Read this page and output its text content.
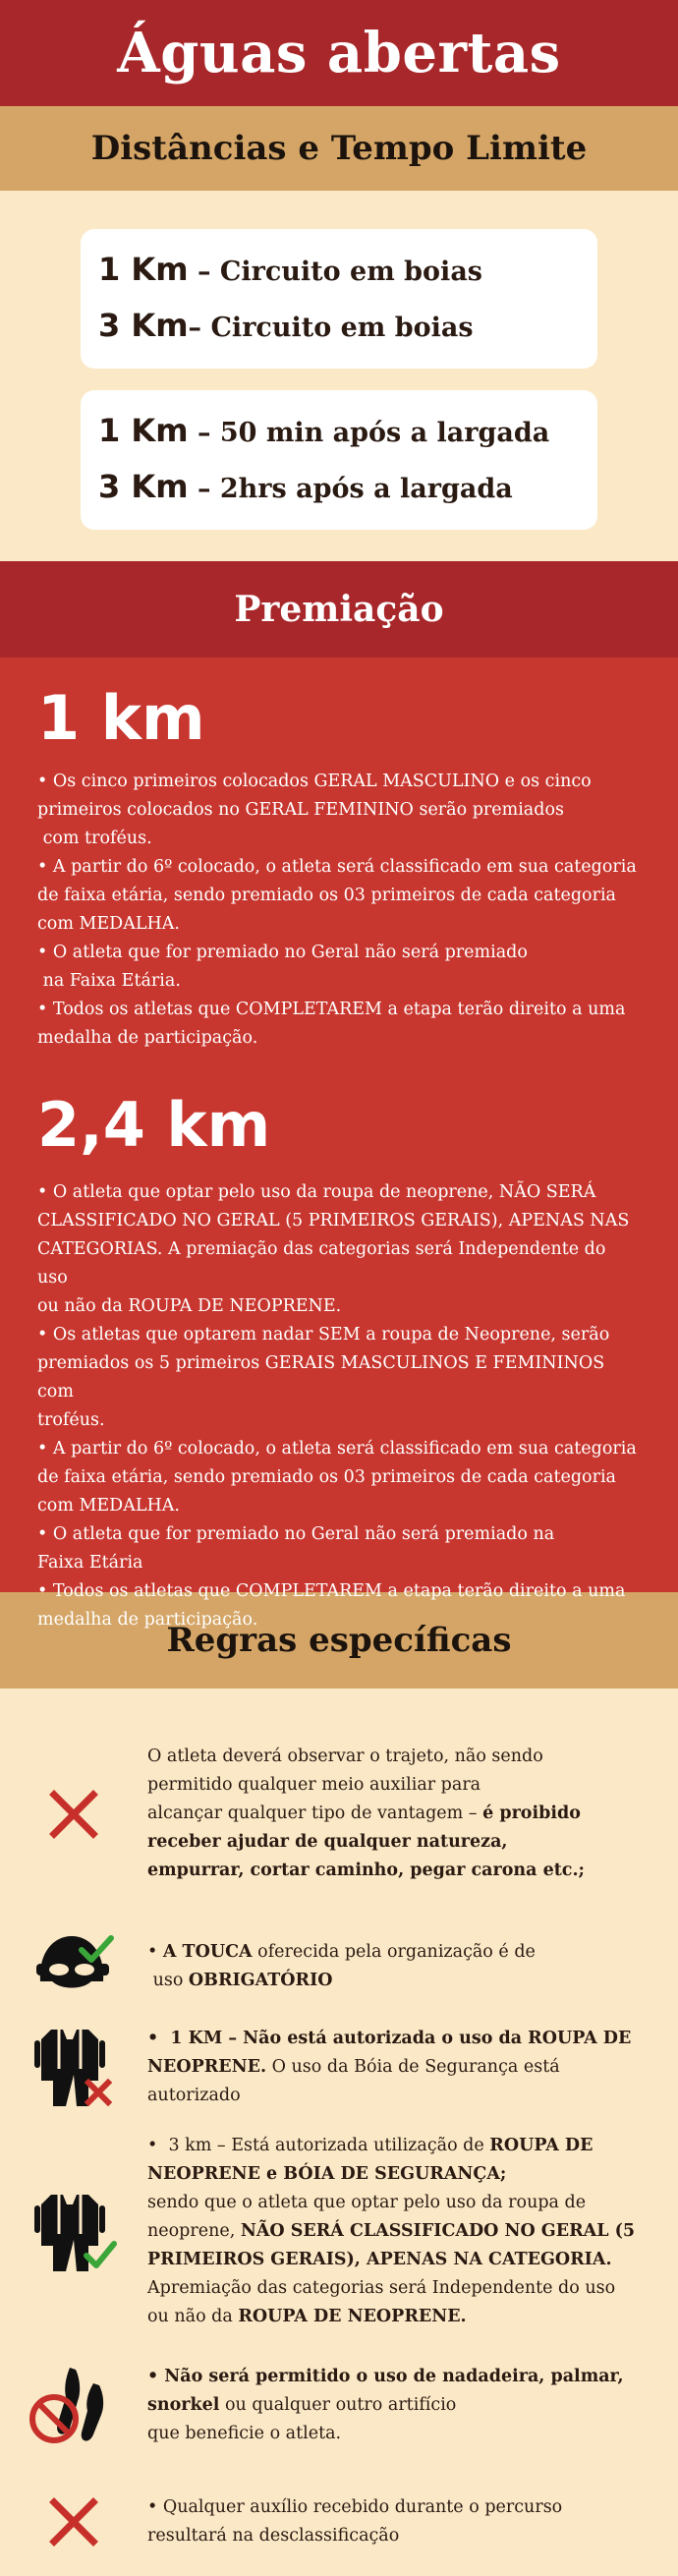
Águas abertas
Distâncias e Tempo Limite
1 Km – Circuito em boias
3 Km– Circuito em boias
1 Km – 50 min após a largada
3 Km – 2hrs após a largada
Premiação
1 km
• Os cinco primeiros colocados GERAL MASCULINO e os cinco
primeiros colocados no GERAL FEMININO serão premiados
com troféus.
• A partir do 6º colocado, o atleta será classificado em sua categoria
de faixa etária, sendo premiado os 03 primeiros de cada categoria
com MEDALHA.
• O atleta que for premiado no Geral não será premiado
na Faixa Etária.
• Todos os atletas que COMPLETAREM a etapa terão direito a uma
medalha de participação.
2,4 km
• O atleta que optar pelo uso da roupa de neoprene, NÃO SERÁ
CLASSIFICADO NO GERAL (5 PRIMEIROS GERAIS), APENAS NAS
CATEGORIAS. A premiação das categorias será Independente do uso
ou não da ROUPA DE NEOPRENE.
• Os atletas que optarem nadar SEM a roupa de Neoprene, serão
premiados os 5 primeiros GERAIS MASCULINOS E FEMININOS com
troféus.
• A partir do 6º colocado, o atleta será classificado em sua categoria
de faixa etária, sendo premiado os 03 primeiros de cada categoria
com MEDALHA.
• O atleta que for premiado no Geral não será premiado na
Faixa Etária
• Todos os atletas que COMPLETAREM a etapa terão direito a uma
medalha de participação.
Regras específicas
O atleta deverá observar o trajeto, não sendo
permitido qualquer meio auxiliar para
alcançar qualquer tipo de vantagem – é proibido
receber ajudar de qualquer natureza,
empurrar, cortar caminho, pegar carona etc.;
• A TOUCA oferecida pela organização é de
uso OBRIGATÓRIO
•  1 KM – Não está autorizada o uso da ROUPA DE
NEOPRENE. O uso da Bóia de Segurança está
autorizado
•  3 km – Está autorizada utilização de ROUPA DE
NEOPRENE e BÓIA DE SEGURANÇA;
sendo que o atleta que optar pelo uso da roupa de
neoprene, NÃO SERÁ CLASSIFICADO NO GERAL (5
PRIMEIROS GERAIS), APENAS NA CATEGORIA.
Apremiação das categorias será Independente do uso
ou não da ROUPA DE NEOPRENE.
• Não será permitido o uso de nadadeira, palmar,
snorkel ou qualquer outro artifício
que beneficie o atleta.
• Qualquer auxílio recebido durante o percurso
resultará na desclassificação
